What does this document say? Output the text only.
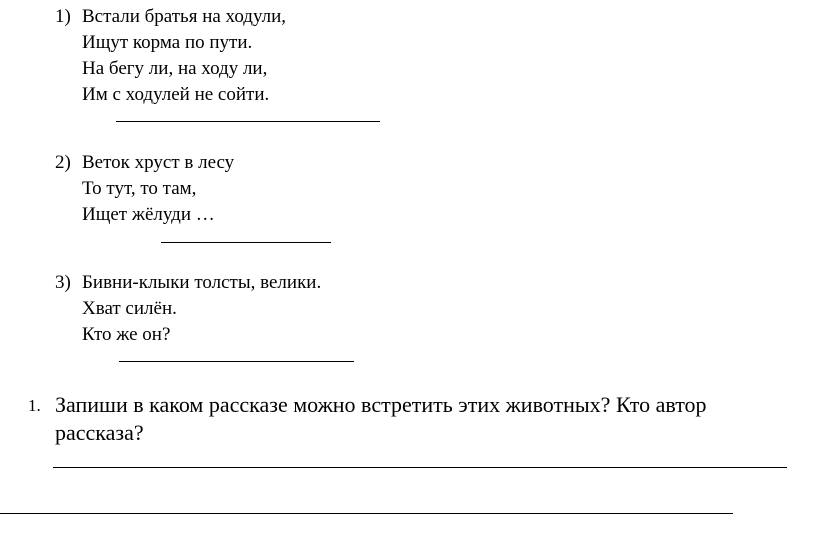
1) Встали братья на ходули,
Ищут корма по пути.
На бегу ли, на ходу ли,
Им с ходулей не сойти.
2) Веток хруст в лесу
То тут, то там,
Ищет жёлуди …
3) Бивни-клыки толсты, велики.
Хват силён.
Кто же он?
1. Запиши в каком рассказе можно встретить этих животных? Кто автор
рассказа?
